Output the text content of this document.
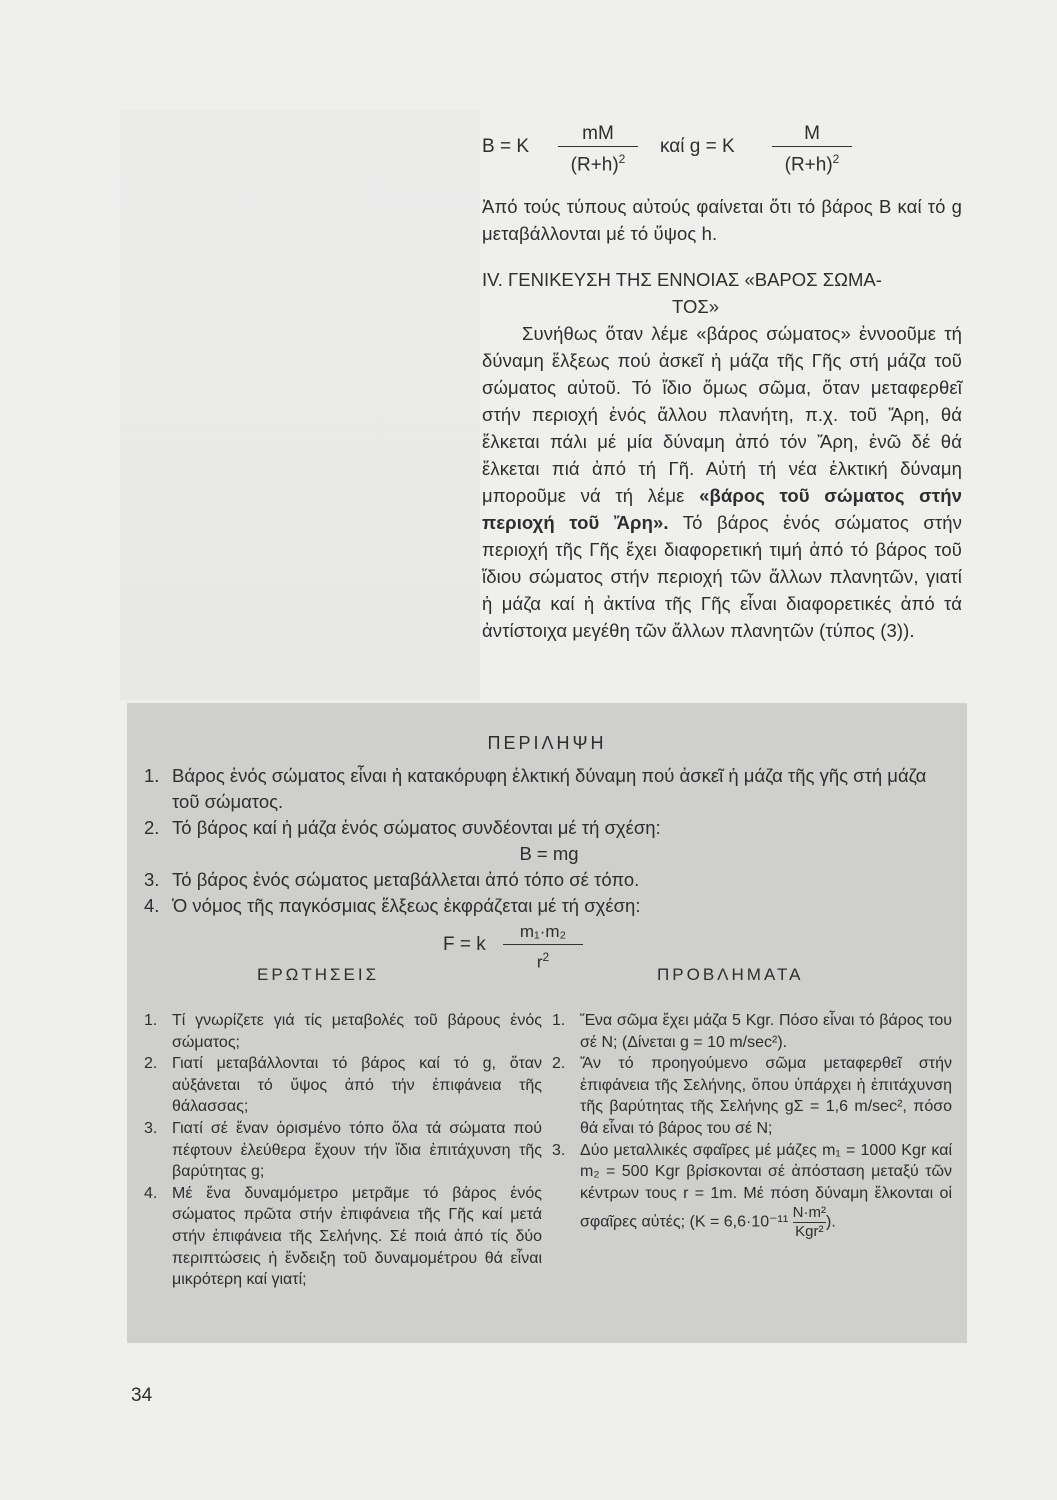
B = K $\frac{mM}{(R+h)^2}$ καί g = K $\frac{M}{(R+h)^2}$

Ἀπό τούς τύπους αὐτούς φαίνεται ὅτι τό βάρος B καί τό g μεταβάλλονται μέ τό ὕψος h.

IV. ΓΕΝΙΚΕΥΣΗ ΤΗΣ ΕΝΝΟΙΑΣ «ΒΑΡΟΣ ΣΩΜΑ-
ΤΟΣ»

Συνήθως ὅταν λέμε «βάρος σώματος» ἐννοοῦμε τή δύναμη ἕλξεως πού ἀσκεῖ ἡ μάζα τῆς Γῆς στή μάζα τοῦ σώματος αὐτοῦ. Τό ἴδιο ὅμως σῶμα, ὅταν μεταφερθεῖ στήν περιοχή ἑνός ἄλλου πλανήτη, π.χ. τοῦ Ἄρη, θά ἕλκεται πάλι μέ μία δύναμη ἀπό τόν Ἄρη, ἐνῶ δέ θά ἕλκεται πιά ἀπό τή Γῆ. Αὐτή τή νέα ἑλκτική δύναμη μποροῦμε νά τή λέμε «βάρος τοῦ σώματος στήν περιοχή τοῦ Ἄρη». Τό βάρος ἑνός σώματος στήν περιοχή τῆς Γῆς ἔχει διαφορετική τιμή ἀπό τό βάρος τοῦ ἴδιου σώματος στήν περιοχή τῶν ἄλλων πλανητῶν, γιατί ἡ μάζα καί ἡ ἀκτίνα τῆς Γῆς εἶναι διαφορετικές ἀπό τά ἀντίστοιχα μεγέθη τῶν ἄλλων πλανητῶν (τύπος (3)).

ΠΕΡΙΛΗΨΗ
1. Βάρος ἑνός σώματος εἶναι ἡ κατακόρυφη ἑλκτική δύναμη πού ἀσκεῖ ἡ μάζα τῆς γῆς στή μάζα τοῦ σώματος.
2. Τό βάρος καί ἡ μάζα ἑνός σώματος συνδέονται μέ τή σχέση:
B = mg
3. Τό βάρος ἑνός σώματος μεταβάλλεται ἀπό τόπο σέ τόπο.
4. Ὁ νόμος τῆς παγκόσμιας ἕλξεως ἐκφράζεται μέ τή σχέση:
ΕΡΩΤΗΣΕΙΣ	ΠΡΟΒΛΗΜΑΤΑ
1. Τί γνωρίζετε γιά τίς μεταβολές τοῦ βάρους ἑνός σώματος;
2. Γιατί μεταβάλλονται τό βάρος καί τό g, ὅταν αὐξάνεται τό ὕψος ἀπό τήν ἐπιφάνεια τῆς θάλασσας;
3. Γιατί σέ ἕναν ὁρισμένο τόπο ὅλα τά σώματα πού πέφτουν ἐλεύθερα ἔχουν τήν ἴδια ἐπιτάχυνση τῆς βαρύτητας g;
4. Μέ ἕνα δυναμόμετρο μετρᾶμε τό βάρος ἑνός σώματος πρῶτα στήν ἐπιφάνεια τῆς Γῆς καί μετά στήν ἐπιφάνεια τῆς Σελήνης. Σέ ποιά ἀπό τίς δύο περιπτώσεις ἡ ἔνδειξη τοῦ δυναμομέτρου θά εἶναι μικρότερη καί γιατί;
1. Ἕνα σῶμα ἔχει μάζα 5 Kgr. Πόσο εἶναι τό βάρος του σέ N; (Δίνεται g = 10 m/sec²).
2. Ἄν τό προηγούμενο σῶμα μεταφερθεῖ στήν ἐπιφάνεια τῆς Σελήνης, ὅπου ὑπάρχει ἡ ἐπιτάχυνση τῆς βαρύτητας τῆς Σελήνης gΣ = 1,6 m/sec², πόσο θά εἶναι τό βάρος του σέ N;
3. Δύο μεταλλικές σφαῖρες μέ μάζες m₁ = 1000 Kgr καί m₂ = 500 Kgr βρίσκονται σέ ἀπόσταση μεταξύ τῶν κέντρων τους r = 1m. Μέ πόση δύναμη ἕλκονται οἱ σφαῖρες αὐτές; ($K = 6,6\cdot 10^{-11} \frac{\text{N·m²}}{\text{Kgr²}}$ ).
F = k $\frac{\text{m₁·m₂}}{r^2}$
34
